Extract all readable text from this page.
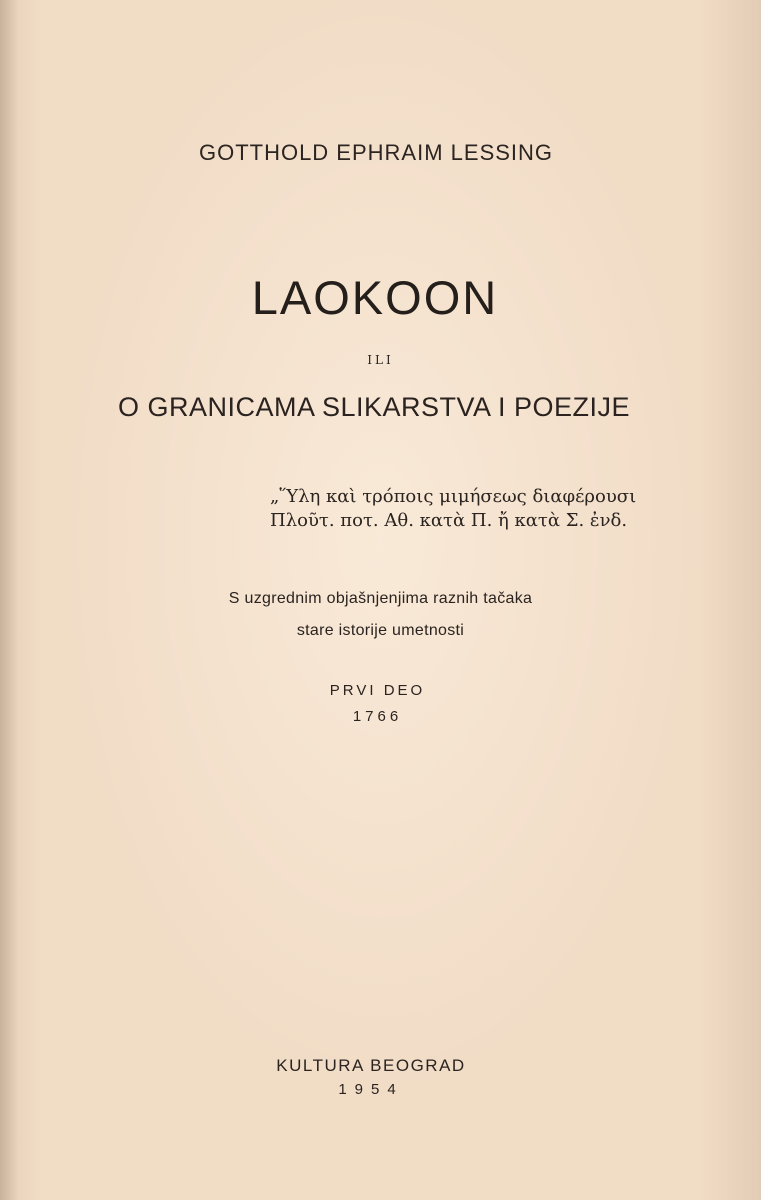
GOTTHOLD EPHRAIM LESSING
LAOKOON
ILI
O GRANICAMA SLIKARSTVA I POEZIJE
„Ὕλη καὶ τρόποις μιμήσεως διαφέρουσι
Πλοῦτ. ποτ. Αθ. κατὰ Π. ἤ κατὰ Σ. ἐνδ.
S uzgrednim objašnjenjima raznih tačaka
stare istorije umetnosti
PRVI DEO
1766
KULTURA BEOGRAD
1954
